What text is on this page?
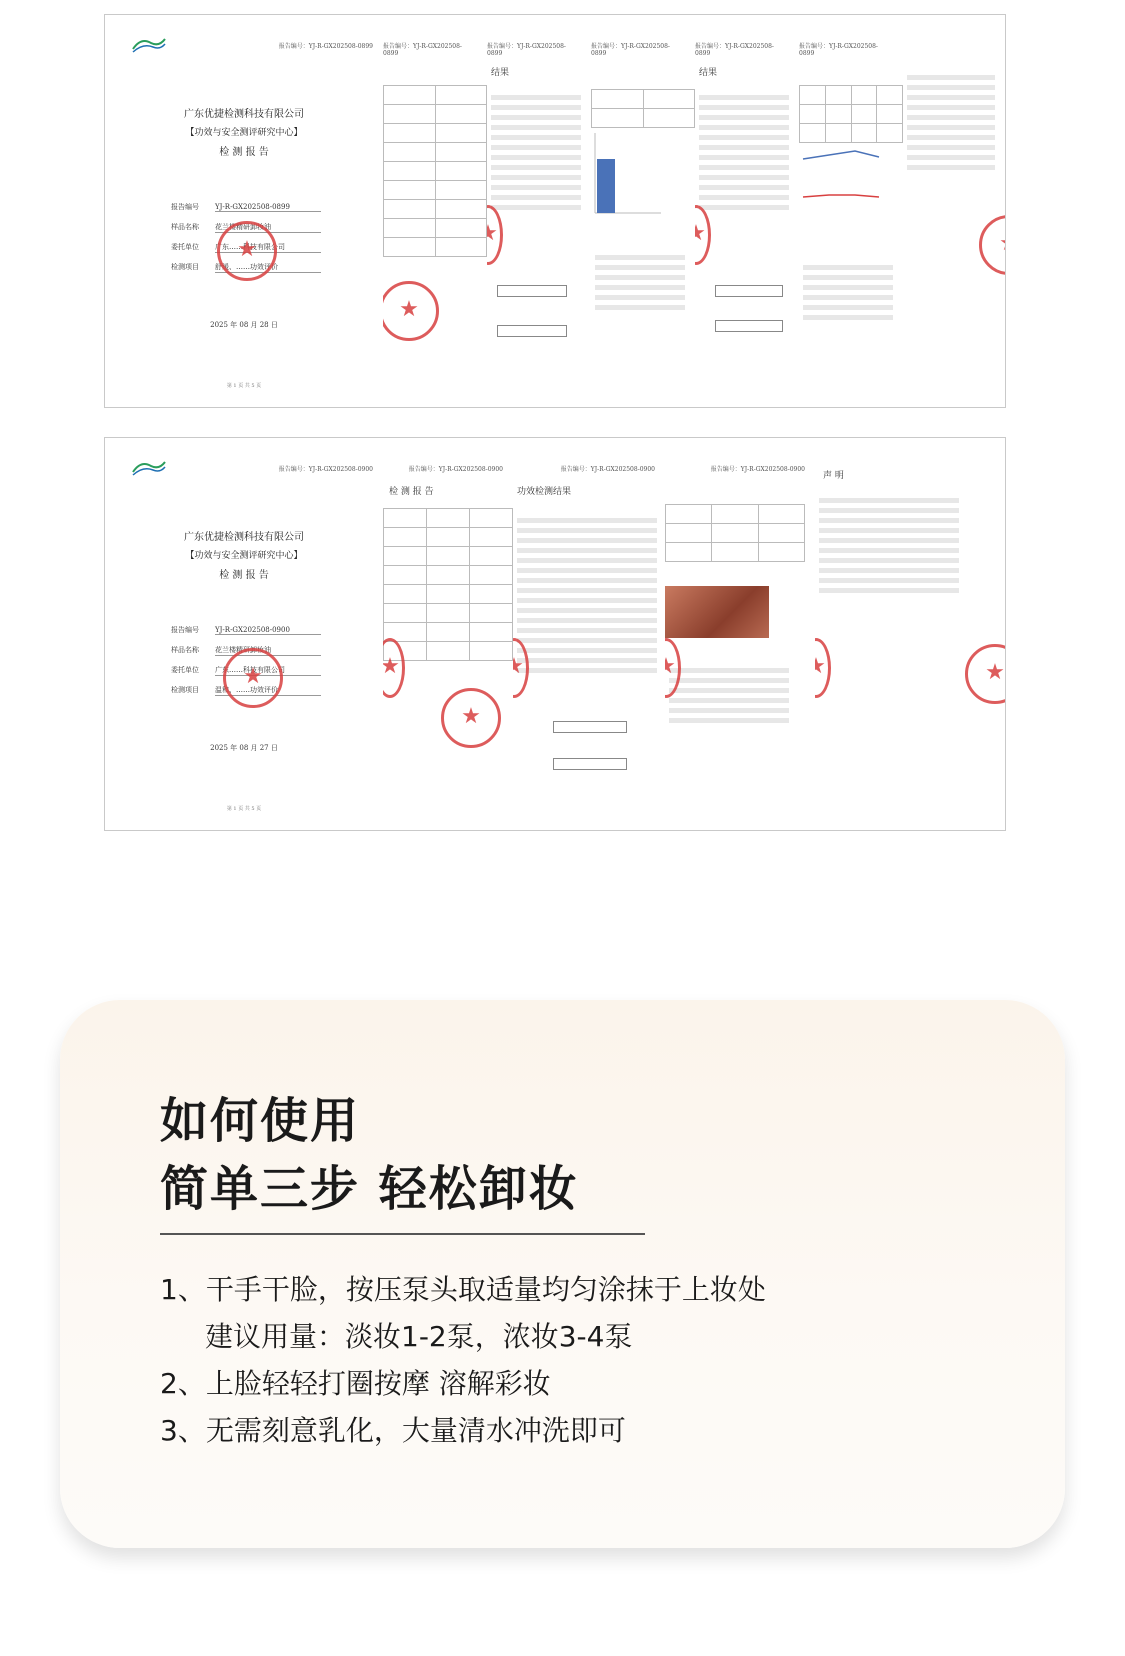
报告编号：YJ-R-GX202508-0899
广东优捷检测科技有限公司
【功效与安全测评研究中心】
检 测 报 告
报告编号 YJ-R-GX202508-0899
样品名称 花兰楼精研卸妆油
委托单位 广东……科技有限公司
检测项目 舒缓、……功效评价
★
2025 年 08 月 28 日
第 1 页 共 5 页
报告编号：YJ-R-GX202508-0899

★
报告编号：YJ-R-GX202508-0899
结果

★
报告编号：YJ-R-GX202508-0899

报告编号：YJ-R-GX202508-0899
结果

★
报告编号：YJ-R-GX202508-0899

★
报告编号：YJ-R-GX202508-0900
广东优捷检测科技有限公司
【功效与安全测评研究中心】
检 测 报 告
报告编号 YJ-R-GX202508-0900
样品名称 花兰楼精研卸妆油
委托单位 广东……科技有限公司
检测项目 温和、……功效评价
★
2025 年 08 月 27 日
第 1 页 共 5 页
报告编号：YJ-R-GX202508-0900
检 测 报 告

★
★
报告编号：YJ-R-GX202508-0900
功效检测结果

★
报告编号：YJ-R-GX202508-0900

★
声 明
★
★
如何使用
简单三步 轻松卸妆
1、干手干脸，按压泵头取适量均匀涂抹于上妆处
建议用量：淡妆1-2泵，浓妆3-4泵
2、上脸轻轻打圈按摩 溶解彩妆
3、无需刻意乳化，大量清水冲洗即可
